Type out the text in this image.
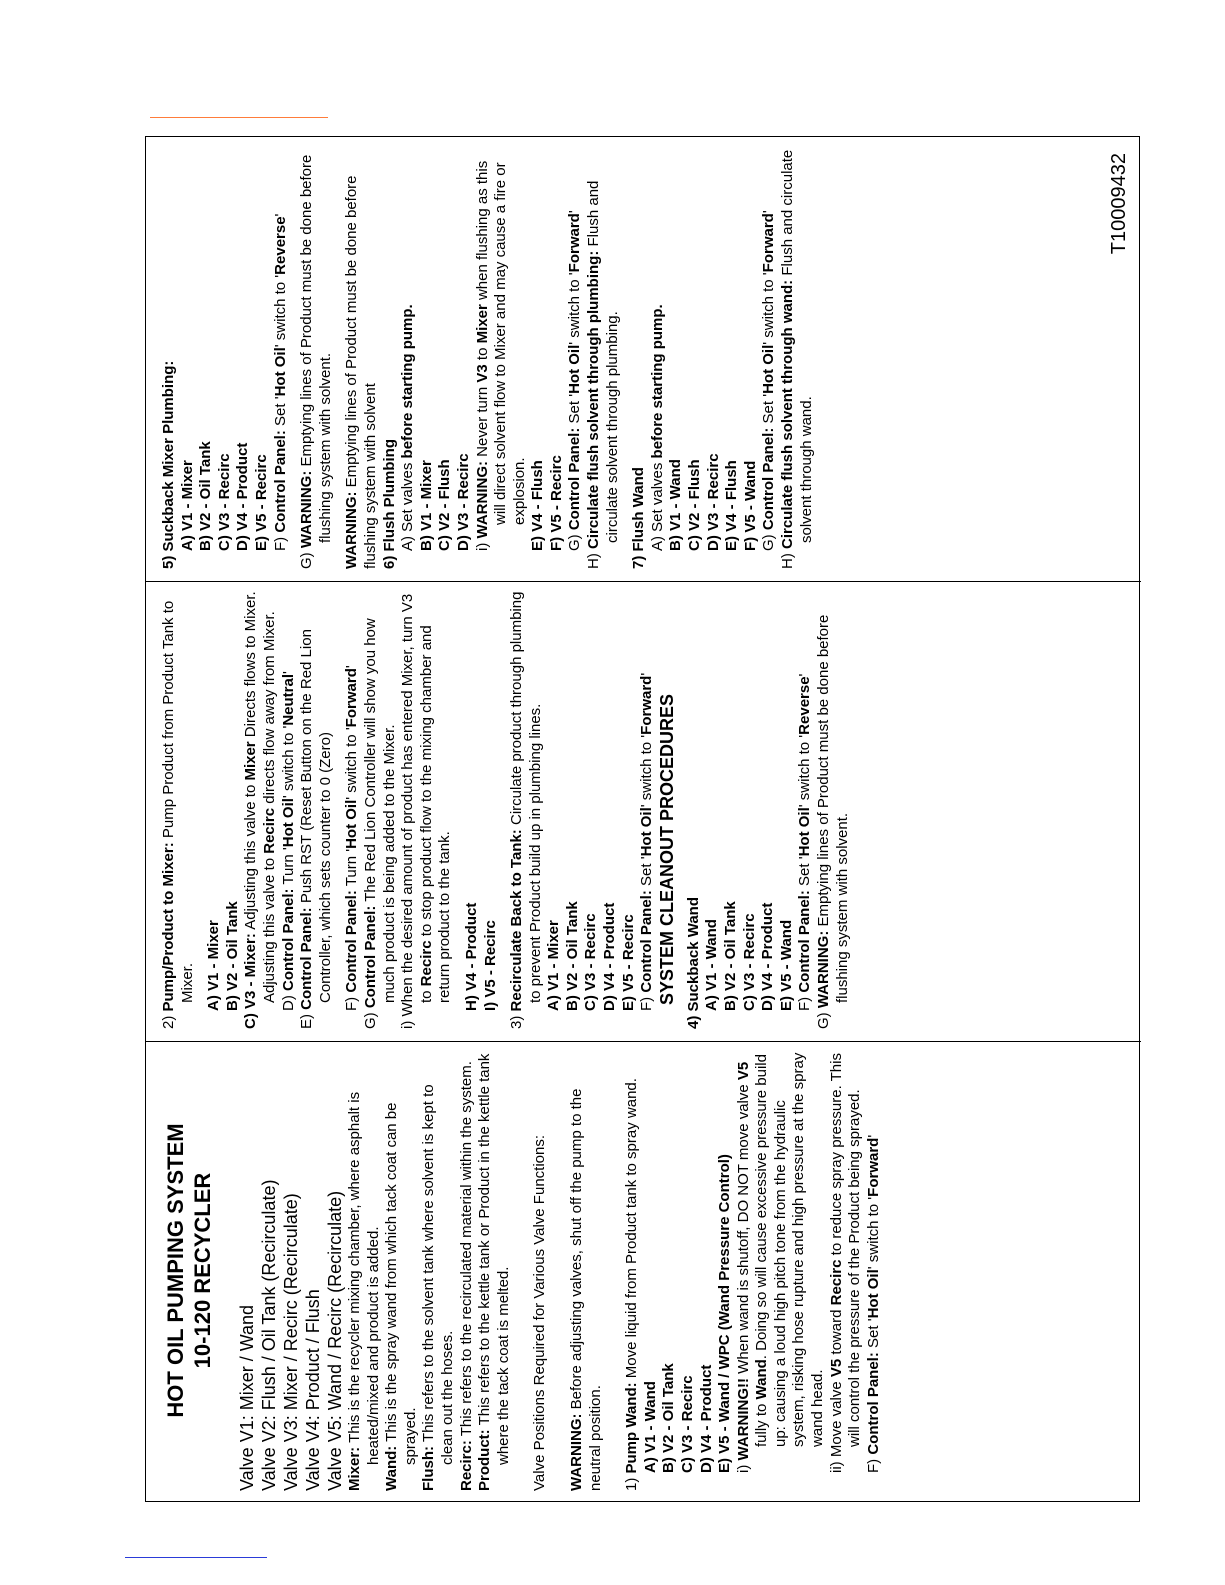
HOT OIL PUMPING SYSTEM 10-120 RECYCLER
Valve V1: Mixer / Wand Valve V2: Flush / Oil Tank (Recirculate) Valve V3: Mixer / Recirc (Recirculate) Valve V4: Product / Flush Valve V5: Wand / Recirc (Recirculate) Mixer: This is the recycler mixing chamber, where asphalt is heated/mixed and product is added.
Wand: This is the spray wand from which tack coat can be sprayed.
Flush: This refers to the solvent tank where solvent is kept to clean out the hoses.
Recirc: This refers to the recirculated material within the system.
Product: This refers to the kettle tank or Product in the kettle tank where the tack coat is melted. Valve Positions Required for Various Valve Functions: WARNING: Before adjusting valves, shut off the pump to the neutral position. 1) Pump Wand: Move liquid from Product tank to spray wand.
A) V1 - Wand B) V2 - Oil Tank C) V3 - Recirc D) V4 - Product E) V5 - Wand / WPC (Wand Pressure Control) i) WARNING!! When wand is shutoff, DO NOT move valve V5 fully to Wand. Doing so will cause excessive pressure build up: causing a loud high pitch tone from the hydraulic system, risking hose rupture and high pressure at the spray wand head. ii) Move valve V5 toward Recirc to reduce spray pressure. This will control the pressure of the Product being sprayed.
F) Control Panel: Set 'Hot Oil' switch to 'Forward'
2) Pump/Product to Mixer: Pump Product from Product Tank to Mixer. A) V1 - Mixer B) V2 - Oil Tank C) V3 - Mixer: Adjusting this valve to Mixer Directs flows to Mixer. Adjusting this valve to Recirc directs flow away from Mixer.
D) Control Panel: Turn 'Hot Oil' switch to 'Neutral'
E) Control Panel: Push RST (Reset Button on the Red Lion Controller, which sets counter to 0 (Zero)
F) Control Panel: Turn 'Hot Oil' switch to 'Forward'
G) Control Panel: The Red Lion Controller will show you how much product is being added to the Mixer. i) When the desired amount of product has entered Mixer, turn V3 to Recirc to stop product flow to the mixing chamber and return product to the tank. H) V4 - Product I) V5 - Recirc
3) Recirculate Back to Tank: Circulate product through plumbing to prevent Product build up in plumbing lines. A) V1 - Mixer B) V2 - Oil Tank C) V3 - Recirc D) V4 - Product E) V5 - Recirc F) Control Panel: Set 'Hot Oil' switch to 'Forward'
SYSTEM CLEANOUT PROCEDURES
4) Suckback Wand A) V1 - Wand B) V2 - Oil Tank C) V3 - Recirc D) V4 - Product E) V5 - Wand F) Control Panel: Set 'Hot Oil' switch to 'Reverse'
G) WARNING: Emptying lines of Product must be done before flushing system with solvent.
5) Suckback Mixer Plumbing: A) V1 - Mixer B) V2 - Oil Tank C) V3 - Recirc D) V4 - Product E) V5 - Recirc F) Control Panel: Set 'Hot Oil' switch to 'Reverse'
G) WARNING: Emptying lines of Product must be done before flushing system with solvent. WARNING: Emptying lines of Product must be done before flushing system with solvent 6) Flush Plumbing A) Set valves before starting pump.
B) V1 - Mixer C) V2 - Flush D) V3 - Recirc i) WARNING: Never turn V3 to Mixer when flushing as this will direct solvent flow to Mixer and may cause a fire or explosion. E) V4 - Flush F) V5 - Recirc G) Control Panel: Set 'Hot Oil' switch to 'Forward'
H) Circulate flush solvent through plumbing: Flush and circulate solvent through plumbing.
7) Flush Wand A) Set valves before starting pump.
B) V1 - Wand C) V2 - Flush D) V3 - Recirc E) V4 - Flush F) V5 - Wand G) Control Panel: Set 'Hot Oil' switch to 'Forward'
H) Circulate flush solvent through wand: Flush and circulate solvent through wand.
T10009432
